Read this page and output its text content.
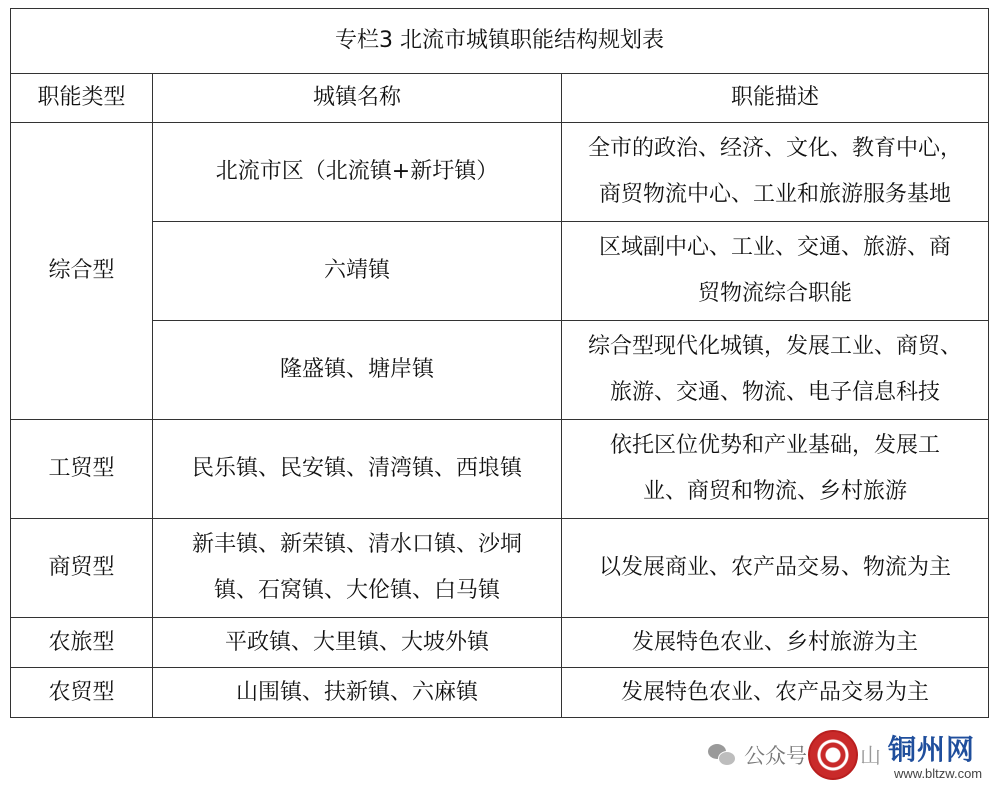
专栏3 北流市城镇职能结构规划表		
职能类型	城镇名称	职能描述
综合型	北流市区（北流镇+新圩镇）	全市的政治、经济、文化、教育中心，
商贸物流中心、工业和旅游服务基地

	六靖镇	区域副中心、工业、交通、旅游、商
贸物流综合职能

	隆盛镇、塘岸镇	综合型现代化城镇，发展工业、商贸、
旅游、交通、物流、电子信息科技

工贸型	民乐镇、民安镇、清湾镇、西埌镇	依托区位优势和产业基础，发展工
业、商贸和物流、乡村旅游

商贸型	新丰镇、新荣镇、清水口镇、沙垌
镇、石窝镇、大伦镇、白马镇	以发展商业、农产品交易、物流为主

农旅型	平政镇、大里镇、大坡外镇	发展特色农业、乡村旅游为主

农贸型	山围镇、扶新镇、六麻镇	发展特色农业、农产品交易为主
公众号	山 铜州网
www.bltzw.com
